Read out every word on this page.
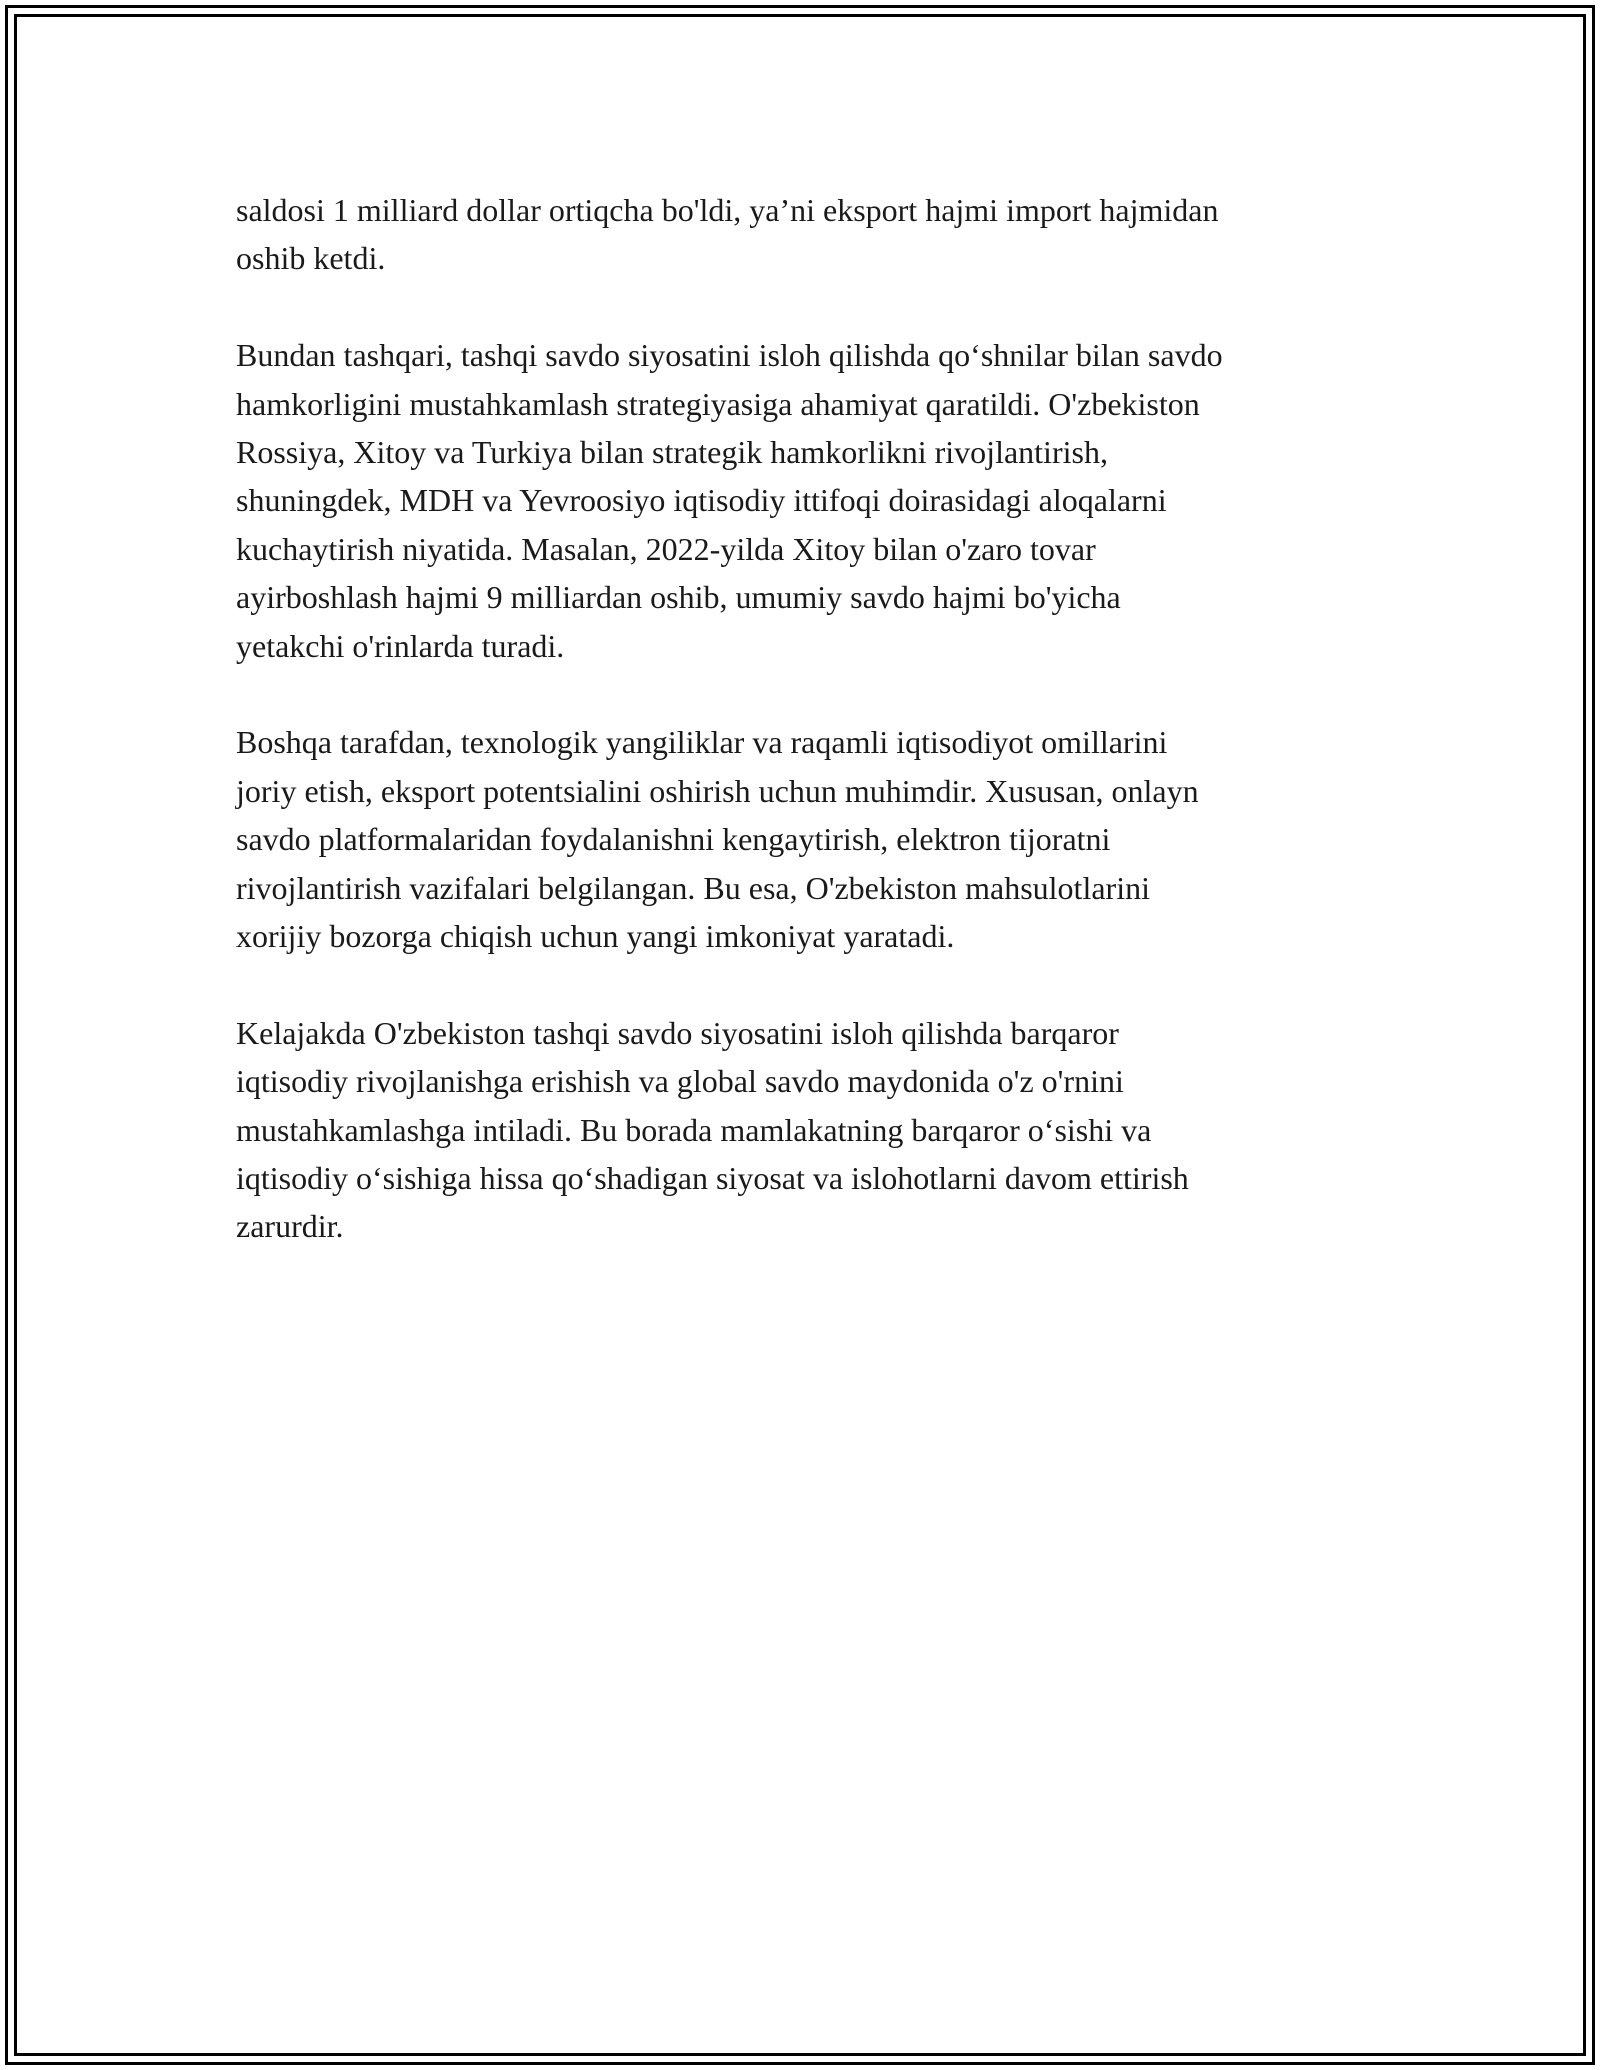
saldosi 1 milliard dollar ortiqcha bo'ldi, ya’ni eksport hajmi import hajmidan
oshib ketdi.

Bundan tashqari, tashqi savdo siyosatini isloh qilishda qo‘shnilar bilan savdo
hamkorligini mustahkamlash strategiyasiga ahamiyat qaratildi. O'zbekiston
Rossiya, Xitoy va Turkiya bilan strategik hamkorlikni rivojlantirish,
shuningdek, MDH va Yevroosiyo iqtisodiy ittifoqi doirasidagi aloqalarni
kuchaytirish niyatida. Masalan, 2022-yilda Xitoy bilan o'zaro tovar
ayirboshlash hajmi 9 milliardan oshib, umumiy savdo hajmi bo'yicha
yetakchi o'rinlarda turadi.

Boshqa tarafdan, texnologik yangiliklar va raqamli iqtisodiyot omillarini
joriy etish, eksport potentsialini oshirish uchun muhimdir. Xususan, onlayn
savdo platformalaridan foydalanishni kengaytirish, elektron tijoratni
rivojlantirish vazifalari belgilangan. Bu esa, O'zbekiston mahsulotlarini
xorijiy bozorga chiqish uchun yangi imkoniyat yaratadi.

Kelajakda O'zbekiston tashqi savdo siyosatini isloh qilishda barqaror
iqtisodiy rivojlanishga erishish va global savdo maydonida o'z o'rnini
mustahkamlashga intiladi. Bu borada mamlakatning barqaror o‘sishi va
iqtisodiy o‘sishiga hissa qo‘shadigan siyosat va islohotlarni davom ettirish
zarurdir.
